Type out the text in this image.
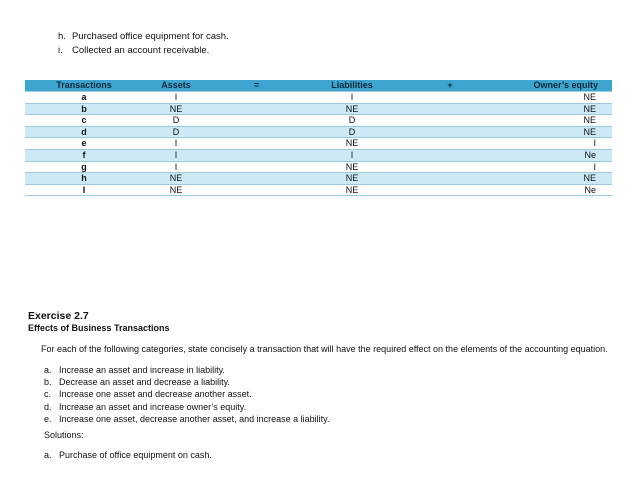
h. Purchased office equipment for cash.
i. Collected an account receivable.
Transactions	Assets	=	Liabilities	+	Owner’s equity
a	I		I		NE
b	NE		NE		NE
c	D		D		NE
d	D		D		NE
e	I		NE		I
f	I		I		Ne
g	I		NE		I
h	NE		NE		NE
I	NE		NE		Ne
Exercise 2.7
Effects of Business Transactions
For each of the following categories, state concisely a transaction that will have the required effect on the elements of the accounting equation.
a. Increase an asset and increase in liability.
b. Decrease an asset and decrease a liability.
c. Increase one asset and decrease another asset.
d. Increase an asset and increase owner’s equity.
e. Increase one asset, decrease another asset, and increase a liability.
Solutions:
a. Purchase of office equipment on cash.
